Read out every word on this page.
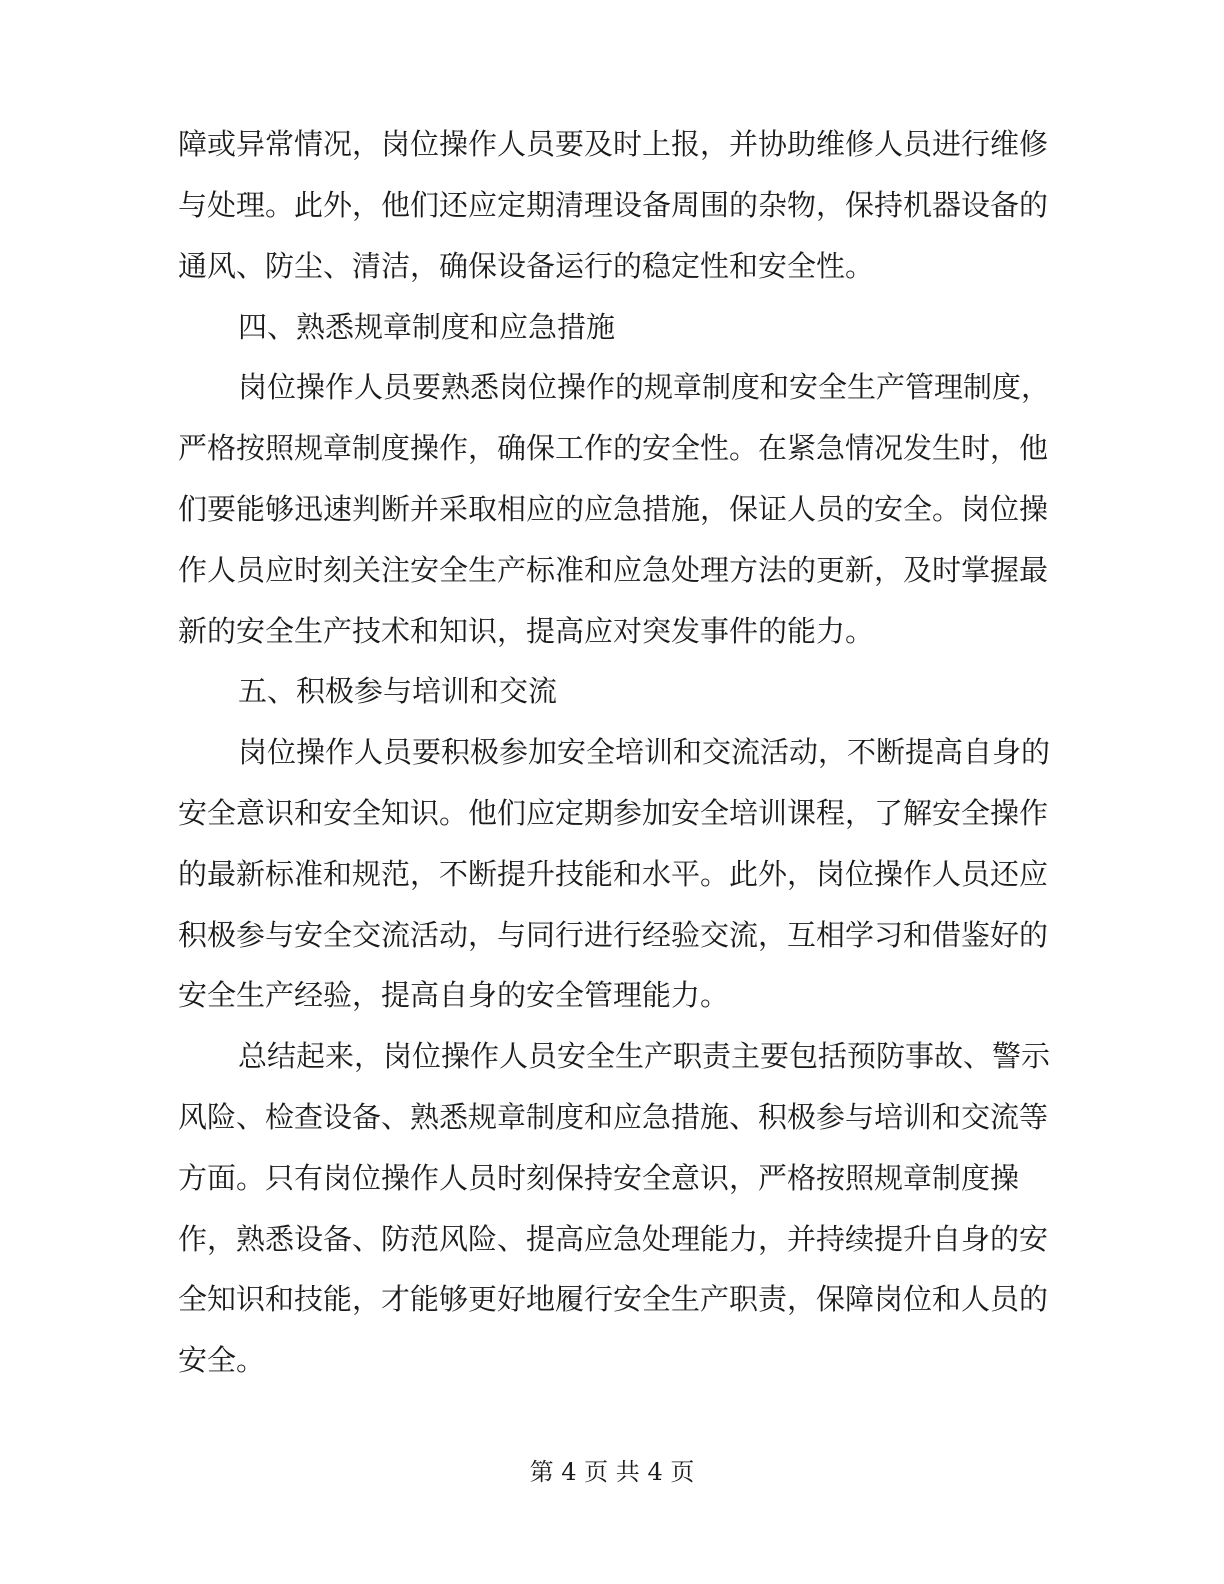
障或异常情况，岗位操作人员要及时上报，并协助维修人员进行维修
与处理。此外，他们还应定期清理设备周围的杂物，保持机器设备的
通风、防尘、清洁，确保设备运行的稳定性和安全性。
四、熟悉规章制度和应急措施
岗位操作人员要熟悉岗位操作的规章制度和安全生产管理制度，
严格按照规章制度操作，确保工作的安全性。在紧急情况发生时，他
们要能够迅速判断并采取相应的应急措施，保证人员的安全。岗位操
作人员应时刻关注安全生产标准和应急处理方法的更新，及时掌握最
新的安全生产技术和知识，提高应对突发事件的能力。
五、积极参与培训和交流
岗位操作人员要积极参加安全培训和交流活动，不断提高自身的
安全意识和安全知识。他们应定期参加安全培训课程，了解安全操作
的最新标准和规范，不断提升技能和水平。此外，岗位操作人员还应
积极参与安全交流活动，与同行进行经验交流，互相学习和借鉴好的
安全生产经验，提高自身的安全管理能力。
总结起来，岗位操作人员安全生产职责主要包括预防事故、警示
风险、检查设备、熟悉规章制度和应急措施、积极参与培训和交流等
方面。只有岗位操作人员时刻保持安全意识，严格按照规章制度操
作，熟悉设备、防范风险、提高应急处理能力，并持续提升自身的安
全知识和技能，才能够更好地履行安全生产职责，保障岗位和人员的
安全。
第 4 页 共 4 页
